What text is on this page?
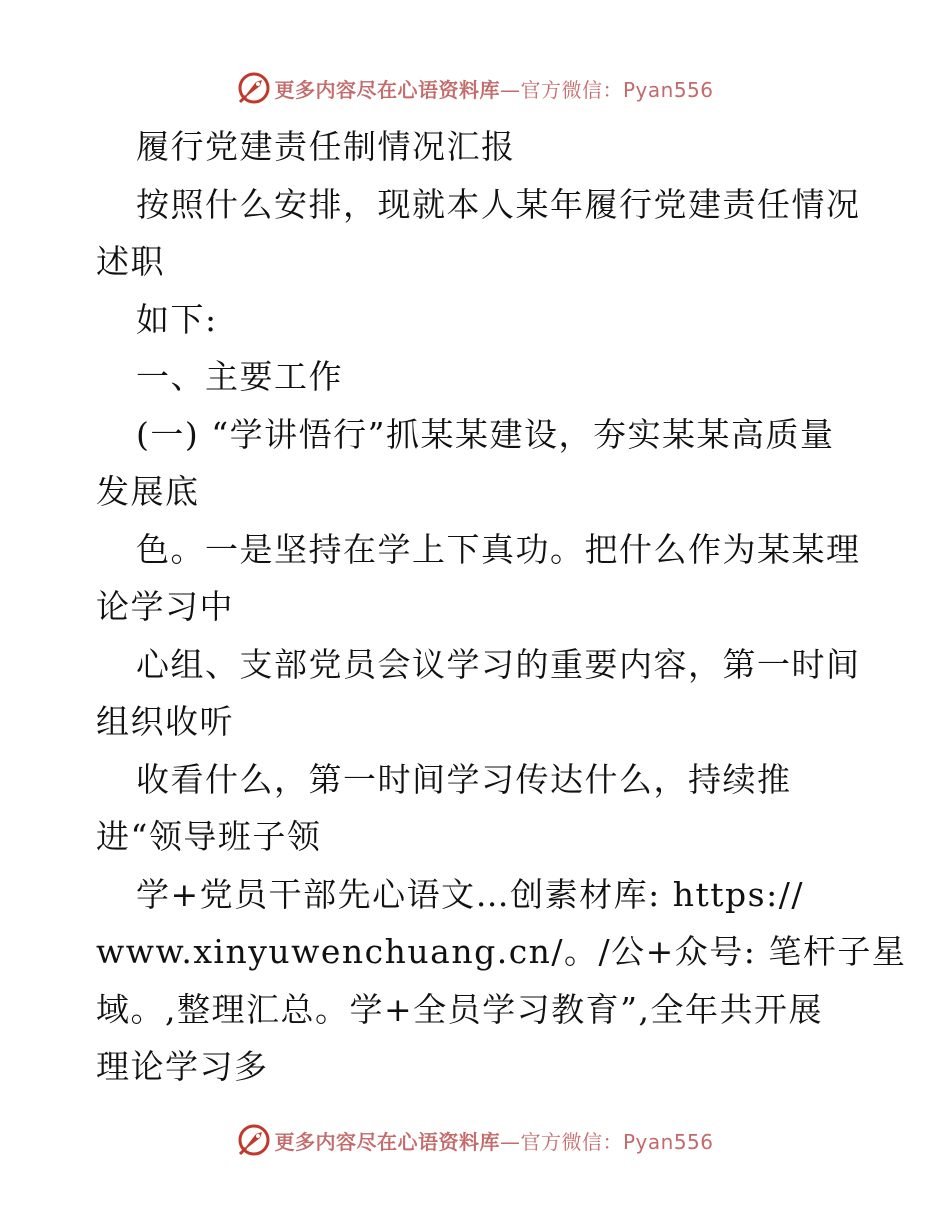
更多内容尽在心语资料库—官方微信：Pyan556
履行党建责任制情况汇报
按照什么安排，现就本人某年履行党建责任情况
述职
如下:
一、主要工作
(一) “学讲悟行”抓某某建设，夯实某某高质量
发展底
色。一是坚持在学上下真功。把什么作为某某理
论学习中
心组、支部党员会议学习的重要内容，第一时间
组织收听
收看什么，第一时间学习传达什么，持续推
进“领导班子领
学+党员干部先心语文…创素材库: https://
www.xinyuwenchuang.cn/。/公+众号: 笔杆子星
域。,整理汇总。学+全员学习教育”,全年共开展
理论学习多
更多内容尽在心语资料库—官方微信：Pyan556
